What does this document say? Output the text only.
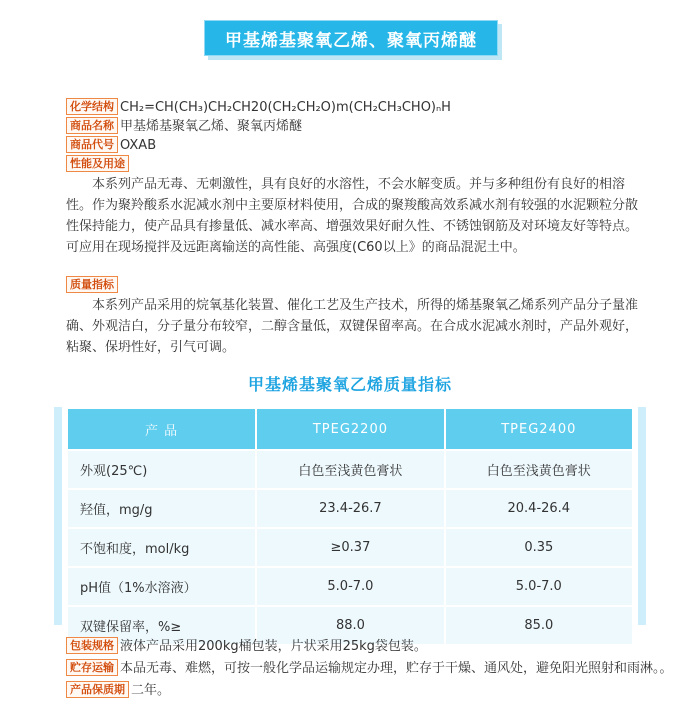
甲基烯基聚氧乙烯、聚氧丙烯醚
化学结构 CH₂=CH(CH₃)CH₂CH20(CH₂CH₂O)m(CH₂CH₃CHO)ₙH
商品名称 甲基烯基聚氧乙烯、聚氧丙烯醚
商品代号 OXAB
性能及用途
本系列产品无毒、无刺激性，具有良好的水溶性，不会水解变质。并与多种组份有良好的相溶性。作为聚羚酸系水泥减水剂中主要原材料使用，合成的聚羧酸高效系减水剂有较强的水泥颗粒分散性保持能力，使产品具有掺量低、减水率高、增强效果好耐久性、不锈蚀钢筋及对环境友好等特点。可应用在现场搅拌及远距离输送的高性能、高强度(C60以上》的商品混泥土中。
质量指标
本系列产品采用的烷氧基化装置、催化工艺及生产技术，所得的烯基聚氧乙烯系列产品分子量准确、外观洁白，分子量分布较窄，二醇含量低，双键保留率高。在合成水泥减水剂时，产品外观好，粘聚、保坍性好，引气可调。
甲基烯基聚氧乙烯质量指标
产 品	TPEG2200	TPEG2400
外观(25℃)	白色至浅黄色膏状	白色至浅黄色膏状
羟值，mg/g	23.4-26.7	20.4-26.4
不饱和度，mol/kg	≥0.37	0.35
pH值（1%水溶液）	5.0-7.0	5.0-7.0
双键保留率，%≥	88.0	85.0
包装规格 液体产品采用200kg桶包装，片状采用25kg袋包装。
贮存运输 本品无毒、难燃，可按一般化学品运输规定办理，贮存于干燥、通风处，避免阳光照射和雨淋。。
产品保质期 二年。
